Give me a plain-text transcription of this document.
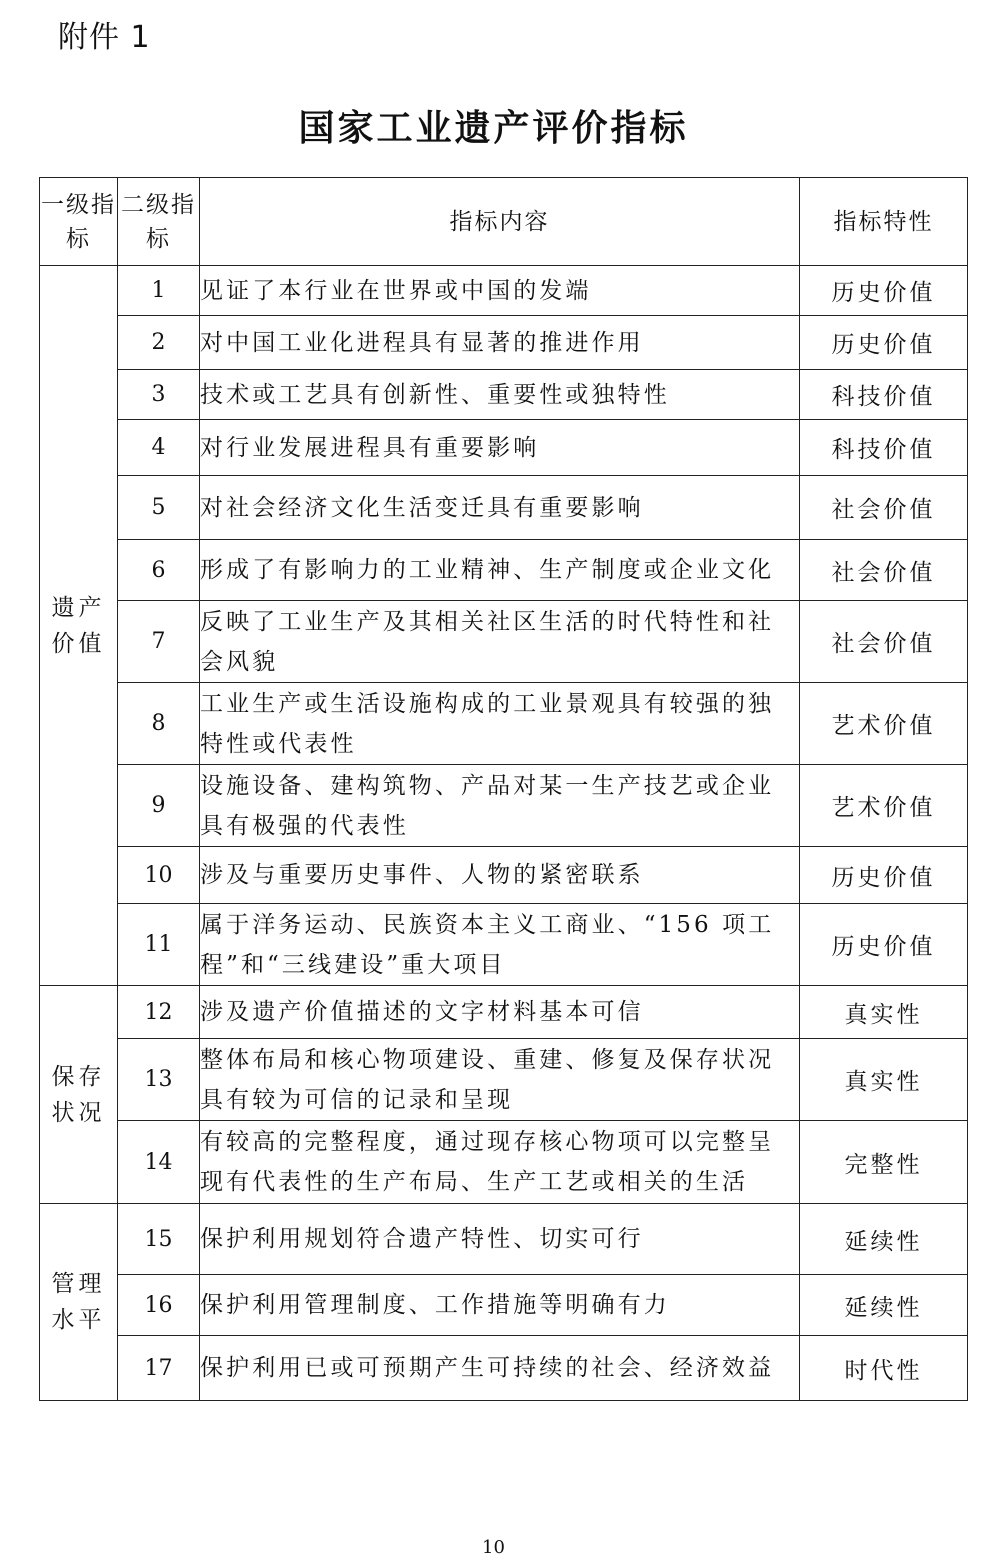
附件 1
国家工业遗产评价指标
一级指标	二级指标	指标内容	指标特性
遗产价值	1	见证了本行业在世界或中国的发端	历史价值
	2	对中国工业化进程具有显著的推进作用	历史价值
	3	技术或工艺具有创新性、重要性或独特性	科技价值
	4	对行业发展进程具有重要影响	科技价值
	5	对社会经济文化生活变迁具有重要影响	社会价值
	6	形成了有影响力的工业精神、生产制度或企业文化	社会价值
	7	反映了工业生产及其相关社区生活的时代特性和社会风貌	社会价值
	8	工业生产或生活设施构成的工业景观具有较强的独特性或代表性	艺术价值
	9	设施设备、建构筑物、产品对某一生产技艺或企业具有极强的代表性	艺术价值
	10	涉及与重要历史事件、人物的紧密联系	历史价值
	11	属于洋务运动、民族资本主义工商业、“156 项工程”和“三线建设”重大项目	历史价值
保存状况	12	涉及遗产价值描述的文字材料基本可信	真实性
	13	整体布局和核心物项建设、重建、修复及保存状况具有较为可信的记录和呈现	真实性
	14	有较高的完整程度，通过现存核心物项可以完整呈现有代表性的生产布局、生产工艺或相关的生活	完整性
管理水平	15	保护利用规划符合遗产特性、切实可行	延续性
	16	保护利用管理制度、工作措施等明确有力	延续性
	17	保护利用已或可预期产生可持续的社会、经济效益	时代性
10
